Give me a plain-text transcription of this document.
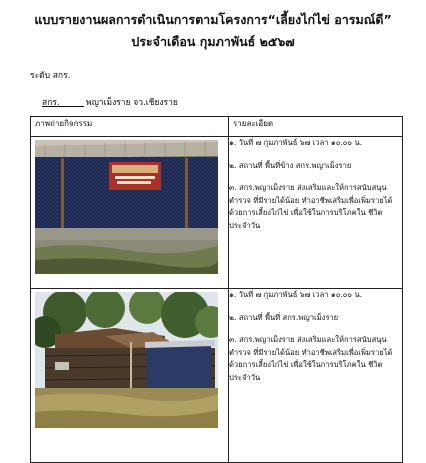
แบบรายงานผลการดำเนินการตามโครงการ“เลี้ยงไก่ไข่ อารมณ์ดี”
ประจำเดือน กุมภาพันธ์ ๒๕๖๗
ระดับ สกร.
สกร.	พญาเม็งราย จว.เชียงราย
ภาพถ่ายกิจกรรม	รายละเอียด

๑. วันที่ ๗ กุมภาพันธ์ ๖๗ เวลา ๑๐.๐๐ น.

๒. สถานที่ พื้นที่ข้าง สกร.พญาเม็งราย

๓. สกร.พญาเม็งราย ส่งเสริมและให้การสนับสนุน ตำรวจ ที่มีรายได้น้อย ทำอาชีพเสริมเพื่อเพิ่มรายได้ ด้วยการเลี้ยงไก่ไข่ เพื่อใช้ในการบริโภคใน ชีวิตประจำวัน

๑. วันที่ ๗ กุมภาพันธ์ ๖๗ เวลา ๑๐.๐๐ น.

๒. สถานที่ พื้นที่ สกร.พญาเม็งราย

๓. สกร.พญาเม็งราย ส่งเสริมและให้การสนับสนุน ตำรวจ ที่มีรายได้น้อย ทำอาชีพเสริมเพื่อเพิ่มรายได้ ด้วยการเลี้ยงไก่ไข่ เพื่อใช้ในการบริโภคใน ชีวิตประจำวัน
